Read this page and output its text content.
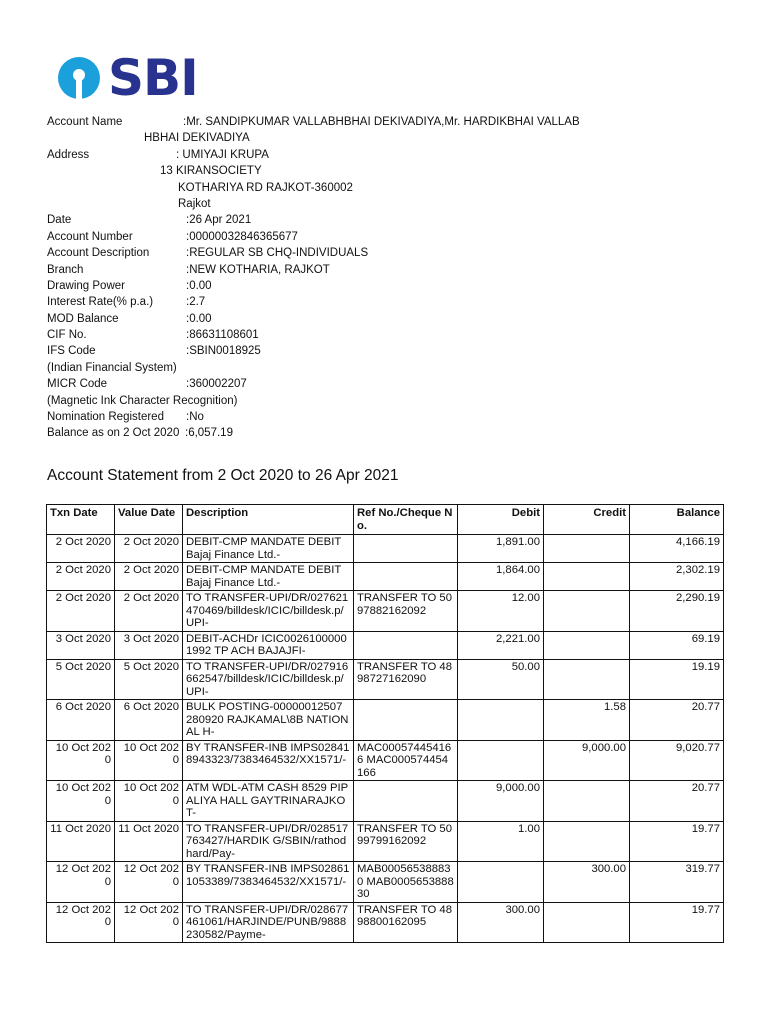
SBI
Account Name	:Mr. SANDIPKUMAR VALLABHBHAI DEKIVADIYA,Mr. HARDIKBHAI VALLAB
HBHAI DEKIVADIYA
Address	: UMIYAJI KRUPA
13 KIRANSOCIETY
KOTHARIYA RD RAJKOT-360002
Rajkot
Date	:26 Apr 2021
Account Number	:00000032846365677
Account Description	:REGULAR SB CHQ-INDIVIDUALS
Branch	:NEW KOTHARIA, RAJKOT
Drawing Power	:0.00
Interest Rate(% p.a.)	:2.7
MOD Balance	:0.00
CIF No.	:86631108601
IFS Code	:SBIN0018925
(Indian Financial System)
MICR Code	:360002207
(Magnetic Ink Character Recognition)
Nomination Registered :No
Balance as on 2 Oct 2020 :6,057.19
Account Statement from 2 Oct 2020 to 26 Apr 2021
Txn Date	Value Date	Description	Ref No./Cheque No.	Debit	Credit	Balance
2 Oct 2020	2 Oct 2020	DEBIT-CMP MANDATE DEBIT Bajaj Finance Ltd.-		1,891.00		4,166.19
2 Oct 2020	2 Oct 2020	DEBIT-CMP MANDATE DEBIT Bajaj Finance Ltd.-		1,864.00		2,302.19
2 Oct 2020	2 Oct 2020	TO TRANSFER-UPI/DR/027621470469/billdesk/ICIC/billdesk.p/UPI-	TRANSFER TO 5097882162092	12.00		2,290.19
3 Oct 2020	3 Oct 2020	DEBIT-ACHDr ICIC00261000001992 TP ACH BAJAJFI-		2,221.00		69.19
5 Oct 2020	5 Oct 2020	TO TRANSFER-UPI/DR/027916662547/billdesk/ICIC/billdesk.p/UPI-	TRANSFER TO 4898727162090	50.00		19.19
6 Oct 2020	6 Oct 2020	BULK POSTING-00000012507 280920 RAJKAMAL\8B NATIONAL H-			1.58	20.77
10 Oct 2020	10 Oct 2020	BY TRANSFER-INB IMPS028418943323/7383464532/XX1571/-	MAC000574454166 MAC000574454166		9,000.00	9,020.77
10 Oct 2020	10 Oct 2020	ATM WDL-ATM CASH 8529 PIPALIYA HALL GAYTRINARAJKOT-		9,000.00		20.77
11 Oct 2020	11 Oct 2020	TO TRANSFER-UPI/DR/028517763427/HARDIK G/SBIN/rathodhard/Pay-	TRANSFER TO 5099799162092	1.00		19.77
12 Oct 2020	12 Oct 2020	BY TRANSFER-INB IMPS028611053389/7383464532/XX1571/-	MAB000565388830 MAB000565388830		300.00	319.77
12 Oct 2020	12 Oct 2020	TO TRANSFER-UPI/DR/028677461061/HARJINDE/PUNB/9888230582/Payme-	TRANSFER TO 4898800162095	300.00		19.77
